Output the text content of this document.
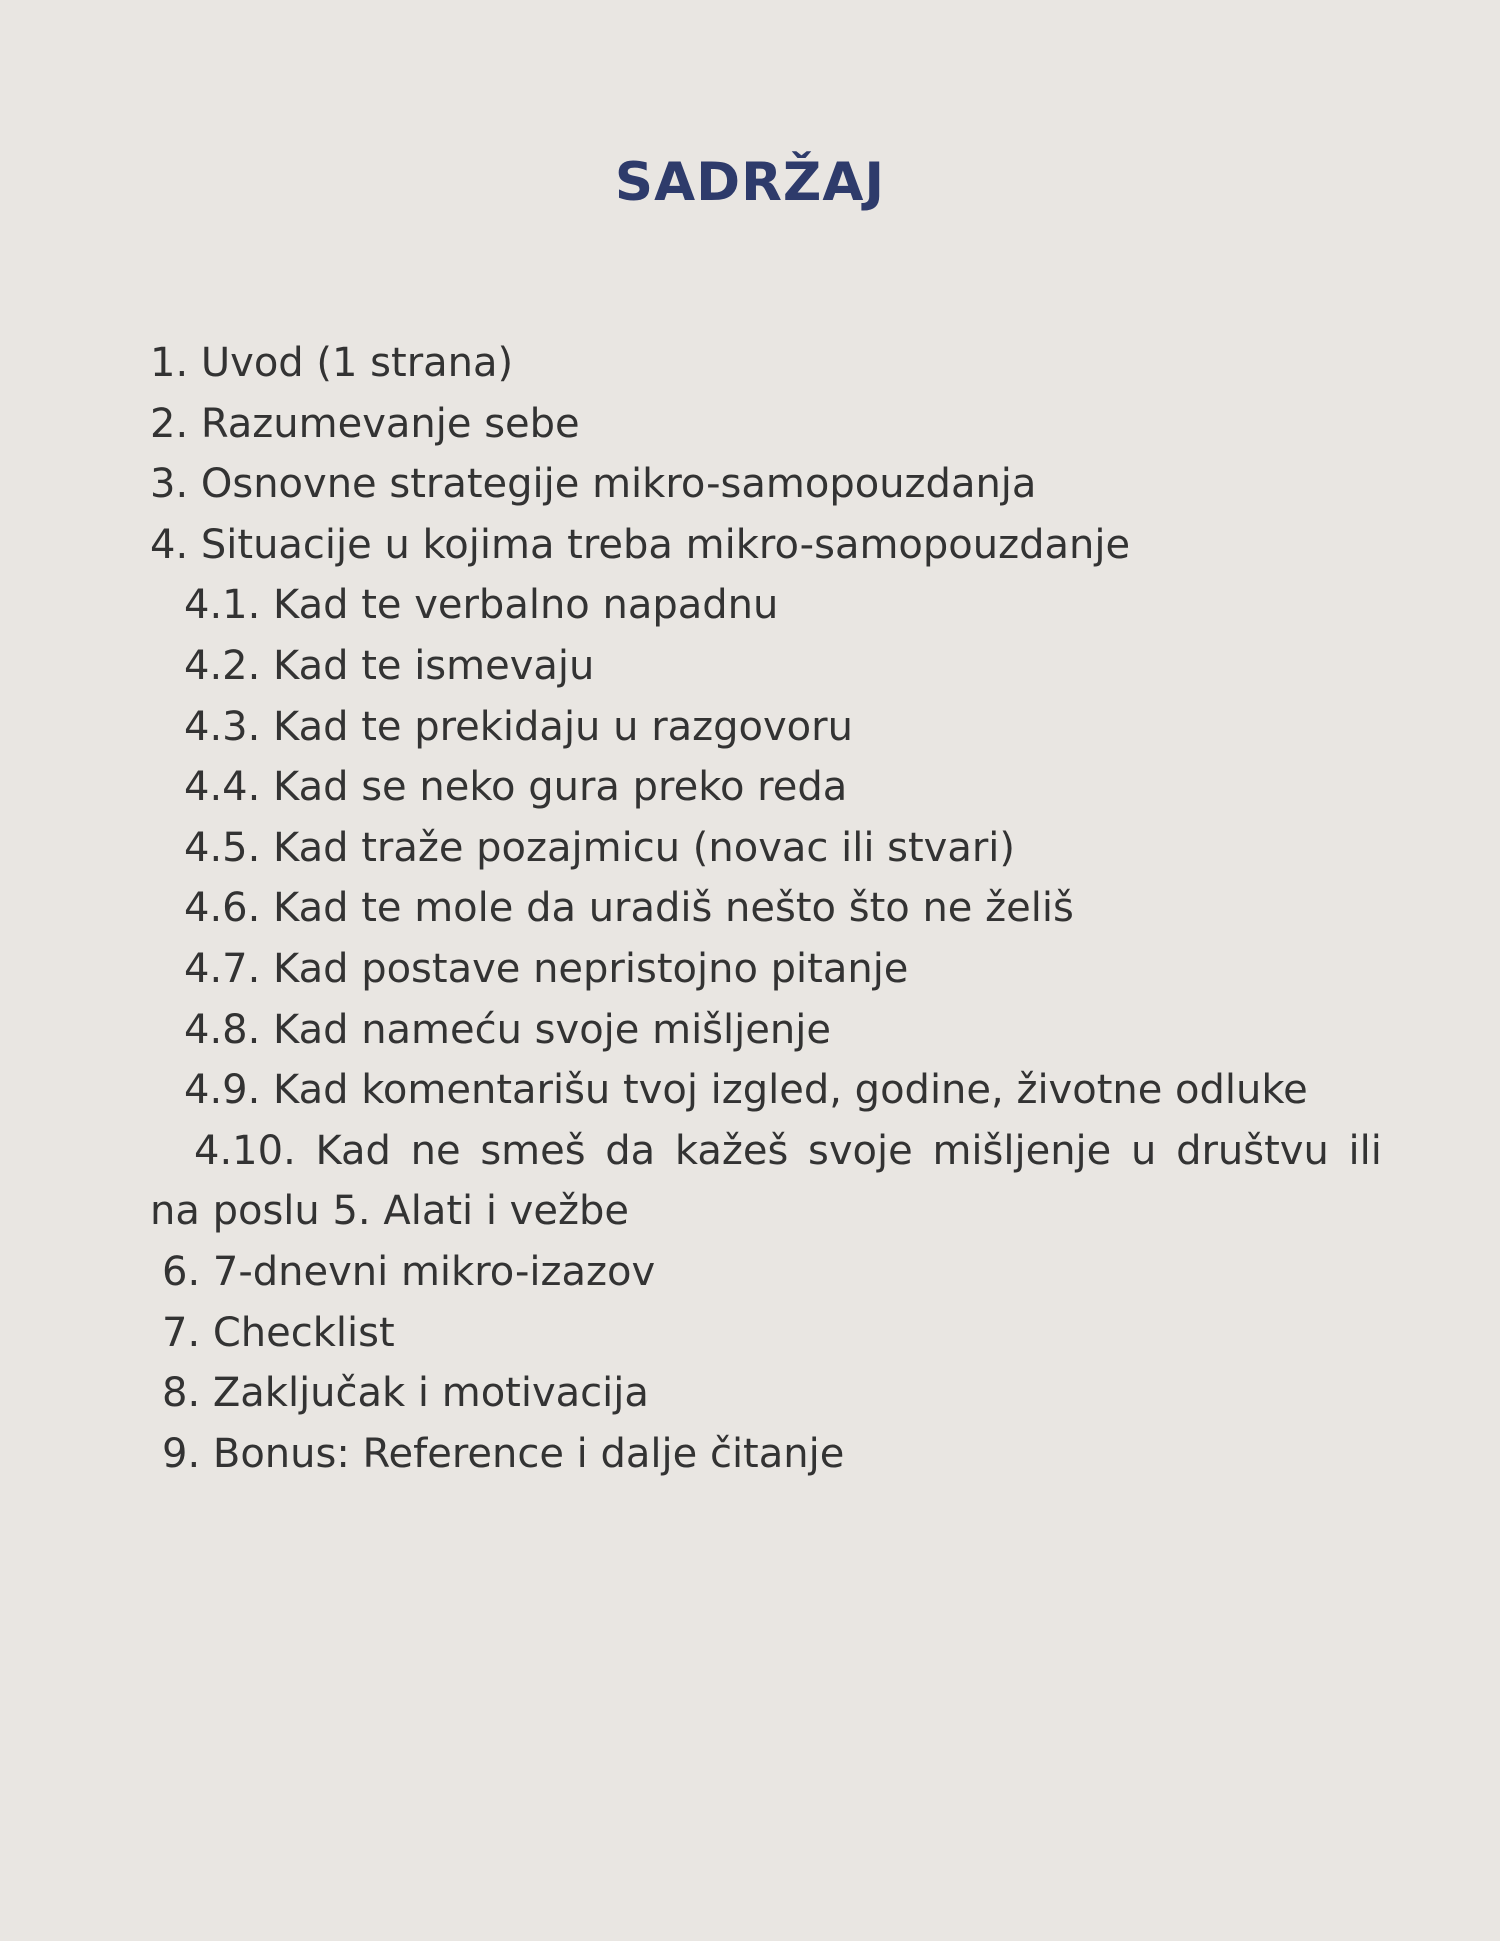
SADRŽAJ
1. Uvod (1 strana)
2. Razumevanje sebe
3. Osnovne strategije mikro-samopouzdanja
4. Situacije u kojima treba mikro-samopouzdanje
4.1. Kad te verbalno napadnu
4.2. Kad te ismevaju
4.3. Kad te prekidaju u razgovoru
4.4. Kad se neko gura preko reda
4.5. Kad traže pozajmicu (novac ili stvari)
4.6. Kad te mole da uradiš nešto što ne želiš
4.7. Kad postave nepristojno pitanje
4.8. Kad nameću svoje mišljenje
4.9. Kad komentarišu tvoj izgled, godine, životne odluke
4.10. Kad ne smeš da kažeš svoje mišljenje u društvu ili
na poslu 5. Alati i vežbe
6. 7-dnevni mikro-izazov
7. Checklist
8. Zaključak i motivacija
9. Bonus: Reference i dalje čitanje
